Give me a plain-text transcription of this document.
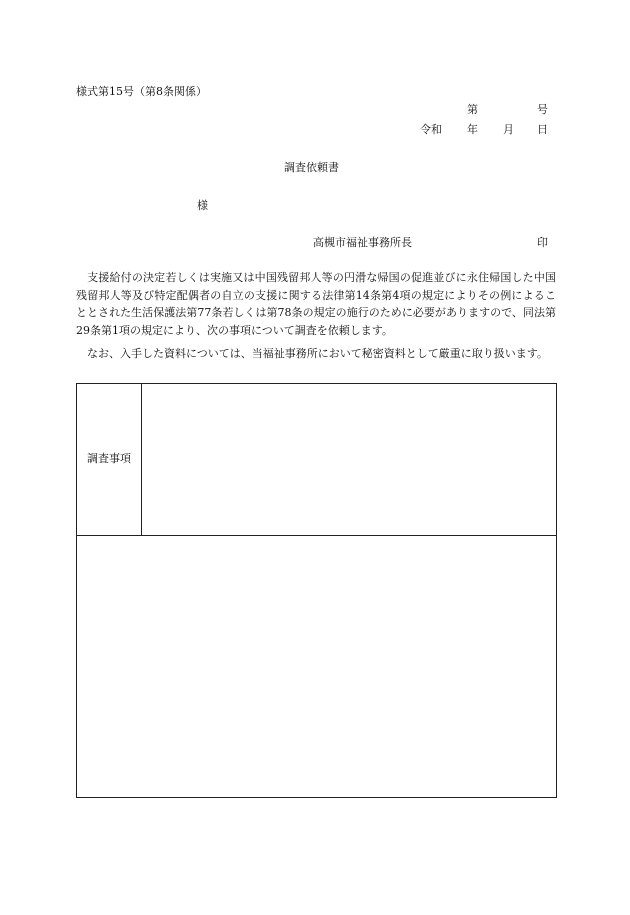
様式第15号（第8条関係）
第	号
令和 年 月 日
調査依頼書
様
高槻市福祉事務所長	印
　支援給付の決定若しくは実施又は中国残留邦人等の円滑な帰国の促進並びに永住帰国した中国残留邦人等及び特定配偶者の自立の支援に関する法律第14条第4項の規定によりその例によることとされた生活保護法第77条若しくは第78条の規定の施行のために必要がありますので、同法第29条第1項の規定により、次の事項について調査を依頼します。
　なお、入手した資料については、当福祉事務所において秘密資料として厳重に取り扱います。
調査事項
